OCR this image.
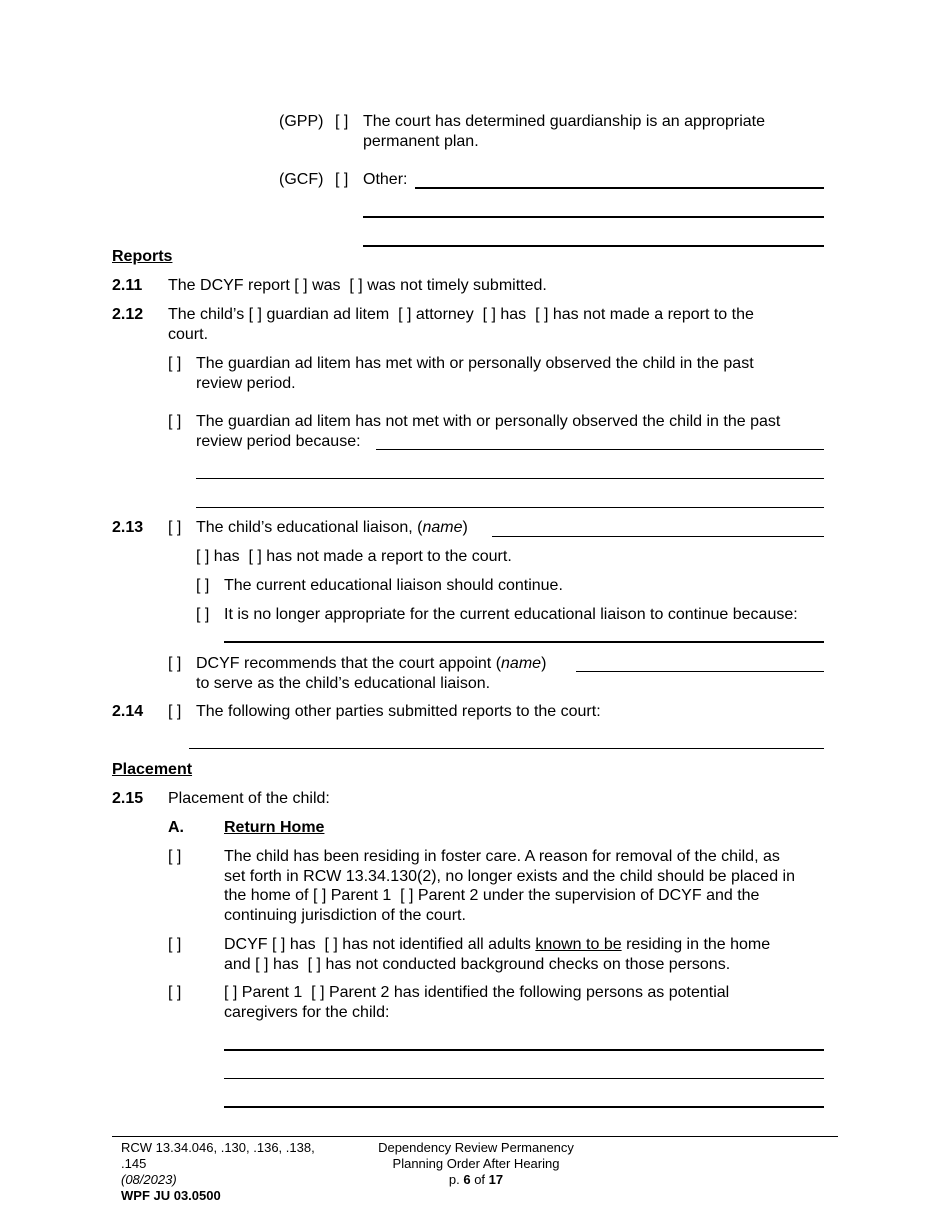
(GPP) [ ] The court has determined guardianship is an appropriate
permanent plan.
(GCF) [ ] Other:
Reports
2.11 The DCYF report [ ] was [ ] was not timely submitted.
2.12 The child’s [ ] guardian ad litem [ ] attorney [ ] has [ ] has not made a report to the
court.
[ ] The guardian ad litem has met with or personally observed the child in the past
review period.
[ ] The guardian ad litem has not met with or personally observed the child in the past
review period because:
2.13 [ ] The child’s educational liaison, (name)
[ ] has [ ] has not made a report to the court.
[ ] The current educational liaison should continue.
[ ] It is no longer appropriate for the current educational liaison to continue because:
[ ] DCYF recommends that the court appoint (name)
to serve as the child’s educational liaison.
2.14 [ ] The following other parties submitted reports to the court:
Placement
2.15 Placement of the child:
A.	Return Home
[ ]	The child has been residing in foster care. A reason for removal of the child, as
set forth in RCW 13.34.130(2), no longer exists and the child should be placed in
the home of [ ] Parent 1 [ ] Parent 2 under the supervision of DCYF and the
continuing jurisdiction of the court.
[ ]	DCYF [ ] has [ ] has not identified all adults known to be residing in the home
and [ ] has [ ] has not conducted background checks on those persons.
[ ]	[ ] Parent 1 [ ] Parent 2 has identified the following persons as potential
caregivers for the child:
RCW 13.34.046, .130, .136, .138,
.145
(08/2023)
WPF JU 03.0500
Dependency Review Permanency
Planning Order After Hearing
p. 6 of 17
